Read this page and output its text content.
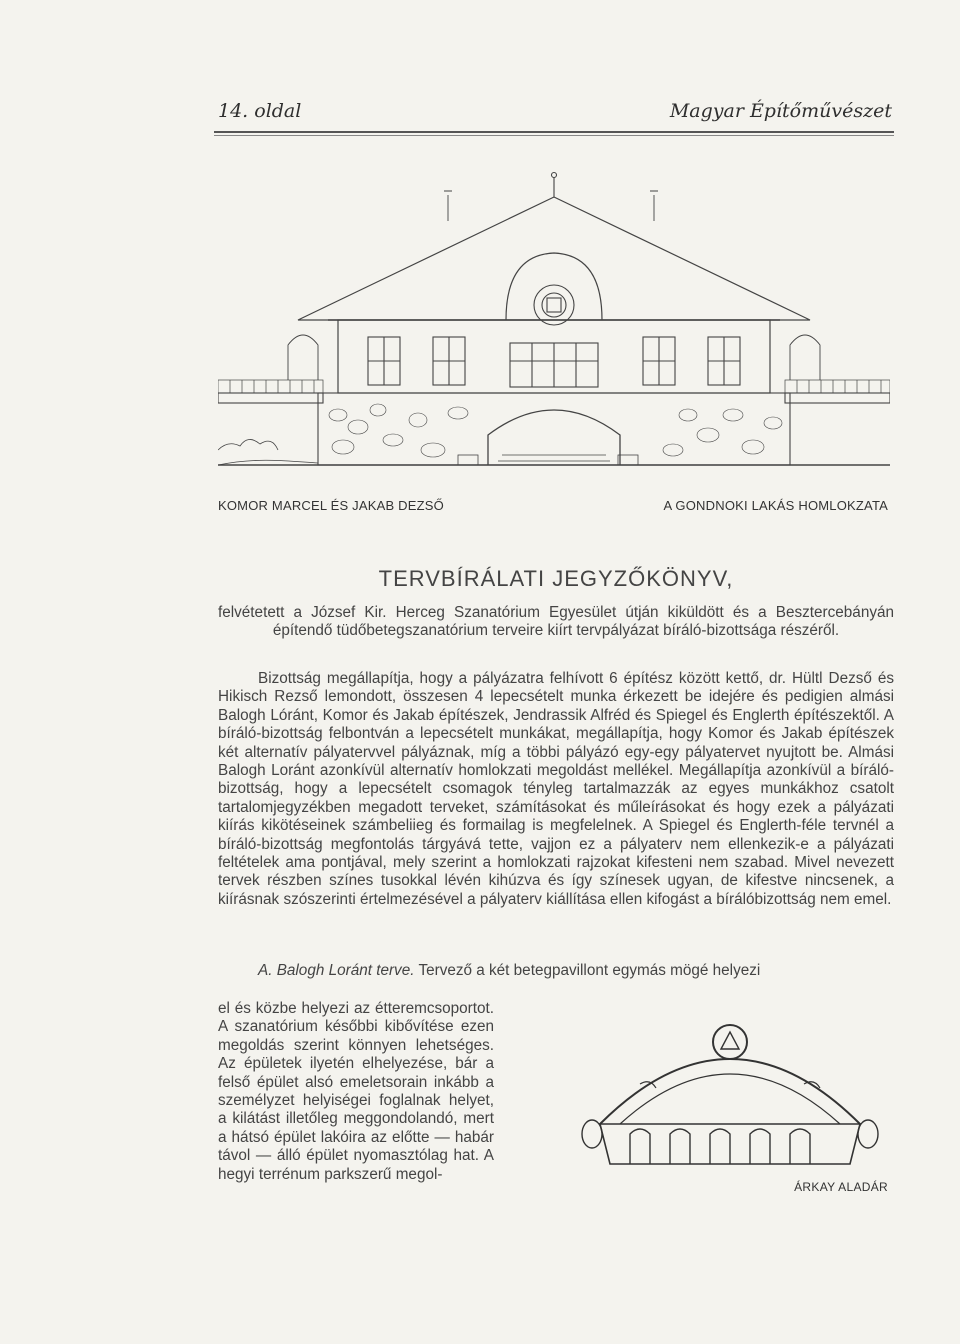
14. oldal	Magyar Építőművészet
KOMOR MARCEL ÉS JAKAB DEZSŐ	A GONDNOKI LAKÁS HOMLOKZATA
TERVBÍRÁLATI JEGYZŐKÖNYV,
felvétetett a József Kir. Herceg Szanatórium Egyesület útján kiküldött és a Besztercebányán építendő tüdőbetegszanatórium terveire kiírt tervpályázat bíráló-bizottsága részéről.
Bizottság megállapítja, hogy a pályázatra felhívott 6 építész között kettő, dr. Hültl Dezső és Hikisch Rezső lemondott, összesen 4 lepecsételt munka érkezett be idejére és pedigien almási Balogh Lóránt, Komor és Jakab építészek, Jendrassik Alfréd és Spiegel és Englerth építészektől. A bíráló-bizottság felbontván a lepecsételt munkákat, megállapítja, hogy Komor és Jakab építészek két alternatív pályatervvel pályáznak, míg a többi pályázó egy-egy pályatervet nyujtott be. Almási Balogh Loránt azonkívül alternatív homlokzati megoldást mellékel. Megállapítja azonkívül a bíráló-bizottság, hogy a lepecsételt csomagok tényleg tartalmazzák az egyes munkákhoz csatolt tartalomjegyzékben megadott terveket, számításokat és műleírásokat és hogy ezek a pályázati kiírás kikötéseinek számbeliieg és formailag is megfelelnek. A Spiegel és Englerth-féle tervnél a bíráló-bizottság megfontolás tárgyává tette, vajjon ez a pályaterv nem ellenkezik-e a pályázati feltételek ama pontjával, mely szerint a homlokzati rajzokat kifesteni nem szabad. Mivel nevezett tervek részben színes tusokkal lévén kihúzva és így színesek ugyan, de kifestve nincsenek, a kiírásnak szószerinti értelmezésével a pályaterv kiállítása ellen kifogást a bírálóbizottság nem emel.
A. Balogh Loránt terve. Tervező a két betegpavillont egymás mögé helyezi
el és közbe helyezi az étteremcsoportot. A szanatórium későbbi kibővítése ezen megoldás szerint könnyen lehetséges. Az épületek ilyetén elhelyezése, bár a felső épület alsó emeletsorain inkább a személyzet helyiségei foglalnak helyet, a kilátást illetőleg meggondolandó, mert a hátsó épület lakóira az előtte — habár távol — álló épület nyomasztólag hat. A hegyi terrénum parkszerű megol-
ÁRKAY ALADÁR
